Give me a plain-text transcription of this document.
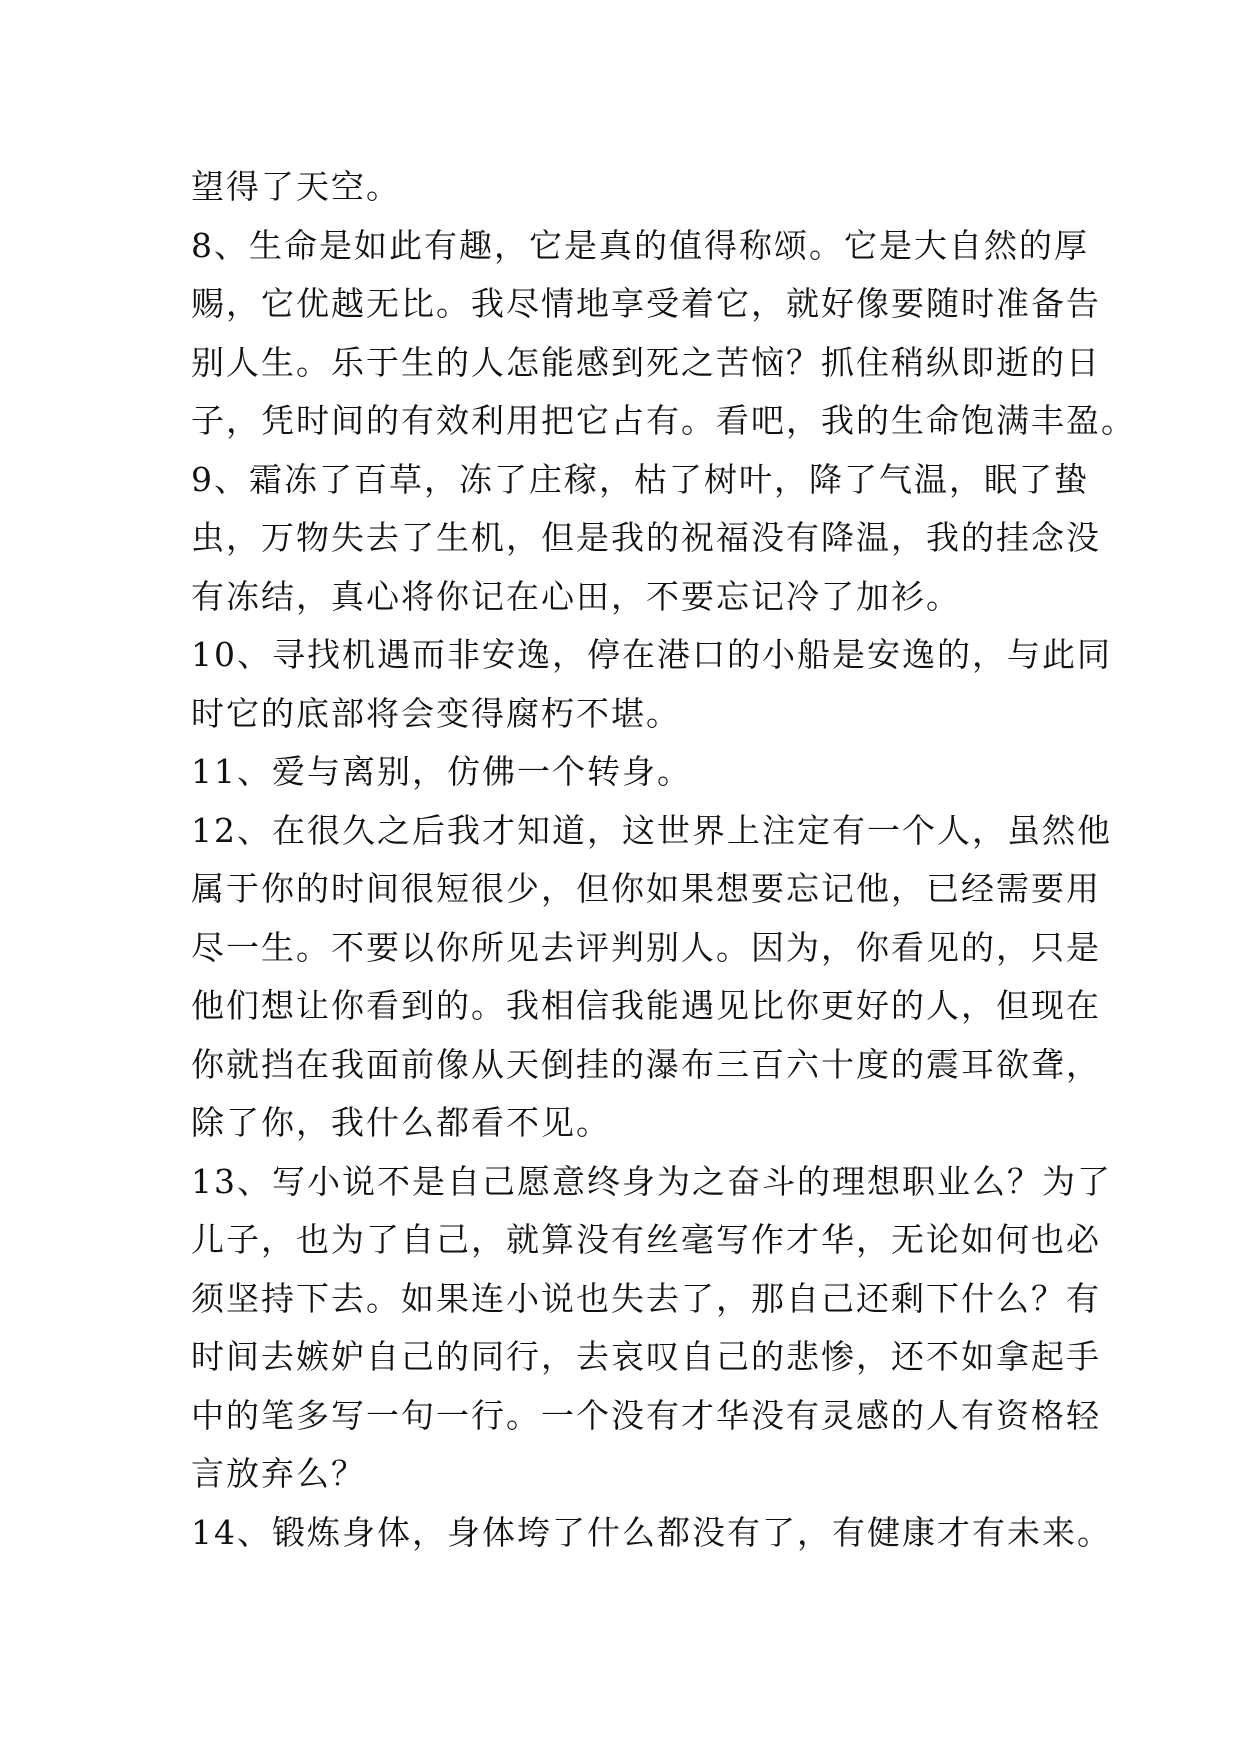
望得了天空。
8、生命是如此有趣，它是真的值得称颂。它是大自然的厚
赐，它优越无比。我尽情地享受着它，就好像要随时准备告
别人生。乐于生的人怎能感到死之苦恼？抓住稍纵即逝的日
子，凭时间的有效利用把它占有。看吧，我的生命饱满丰盈。
9、霜冻了百草，冻了庄稼，枯了树叶，降了气温，眠了蛰
虫，万物失去了生机，但是我的祝福没有降温，我的挂念没
有冻结，真心将你记在心田，不要忘记冷了加衫。
10、寻找机遇而非安逸，停在港口的小船是安逸的，与此同
时它的底部将会变得腐朽不堪。
11、爱与离别，仿佛一个转身。
12、在很久之后我才知道，这世界上注定有一个人，虽然他
属于你的时间很短很少，但你如果想要忘记他，已经需要用
尽一生。不要以你所见去评判别人。因为，你看见的，只是
他们想让你看到的。我相信我能遇见比你更好的人，但现在
你就挡在我面前像从天倒挂的瀑布三百六十度的震耳欲聋，
除了你，我什么都看不见。
13、写小说不是自己愿意终身为之奋斗的理想职业么？为了
儿子，也为了自己，就算没有丝毫写作才华，无论如何也必
须坚持下去。如果连小说也失去了，那自己还剩下什么？有
时间去嫉妒自己的同行，去哀叹自己的悲惨，还不如拿起手
中的笔多写一句一行。一个没有才华没有灵感的人有资格轻
言放弃么？
14、锻炼身体，身体垮了什么都没有了，有健康才有未来。
